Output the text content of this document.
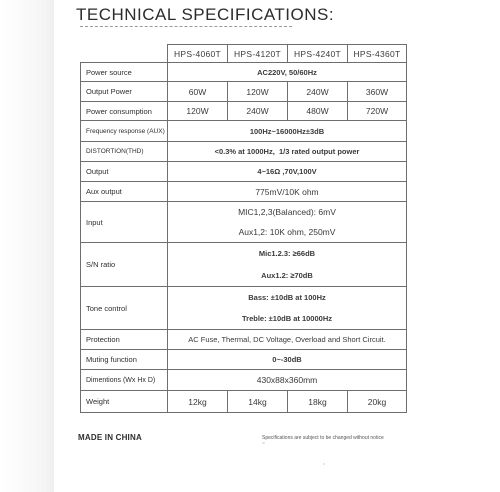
TECHNICAL SPECIFICATIONS:
	HPS-4060T	HPS-4120T	HPS-4240T	HPS-4360T
Power source	AC220V, 50/60Hz			
Output Power	60W	120W	240W	360W
Power consumption	120W	240W	480W	720W
Frequency response (AUX)	100Hz~16000Hz±3dB			
DISTORTION(THD)	<0.3% at 1000Hz, 1/3 rated output power			
Output	4~16Ω ,70V,100V			
Aux output	775mV/10K ohm			
Input	MIC1,2,3(Balanced): 6mV			
	Aux1,2: 10K ohm, 250mV			
S/N ratio	Mic1.2.3: ≥66dB			
	Aux1.2: ≥70dB			
Tone control	Bass: ±10dB at 100Hz			
	Treble: ±10dB at 10000Hz			
Protection	AC Fuse, Thermal, DC Voltage, Overload and Short Circuit.			
Muting function	0~-30dB			
Dimentions (Wx Hx D)	430x88x360mm			
Weight	12kg	14kg	18kg	20kg
MADE IN CHINA	Specifications are subject to be changed without notice
